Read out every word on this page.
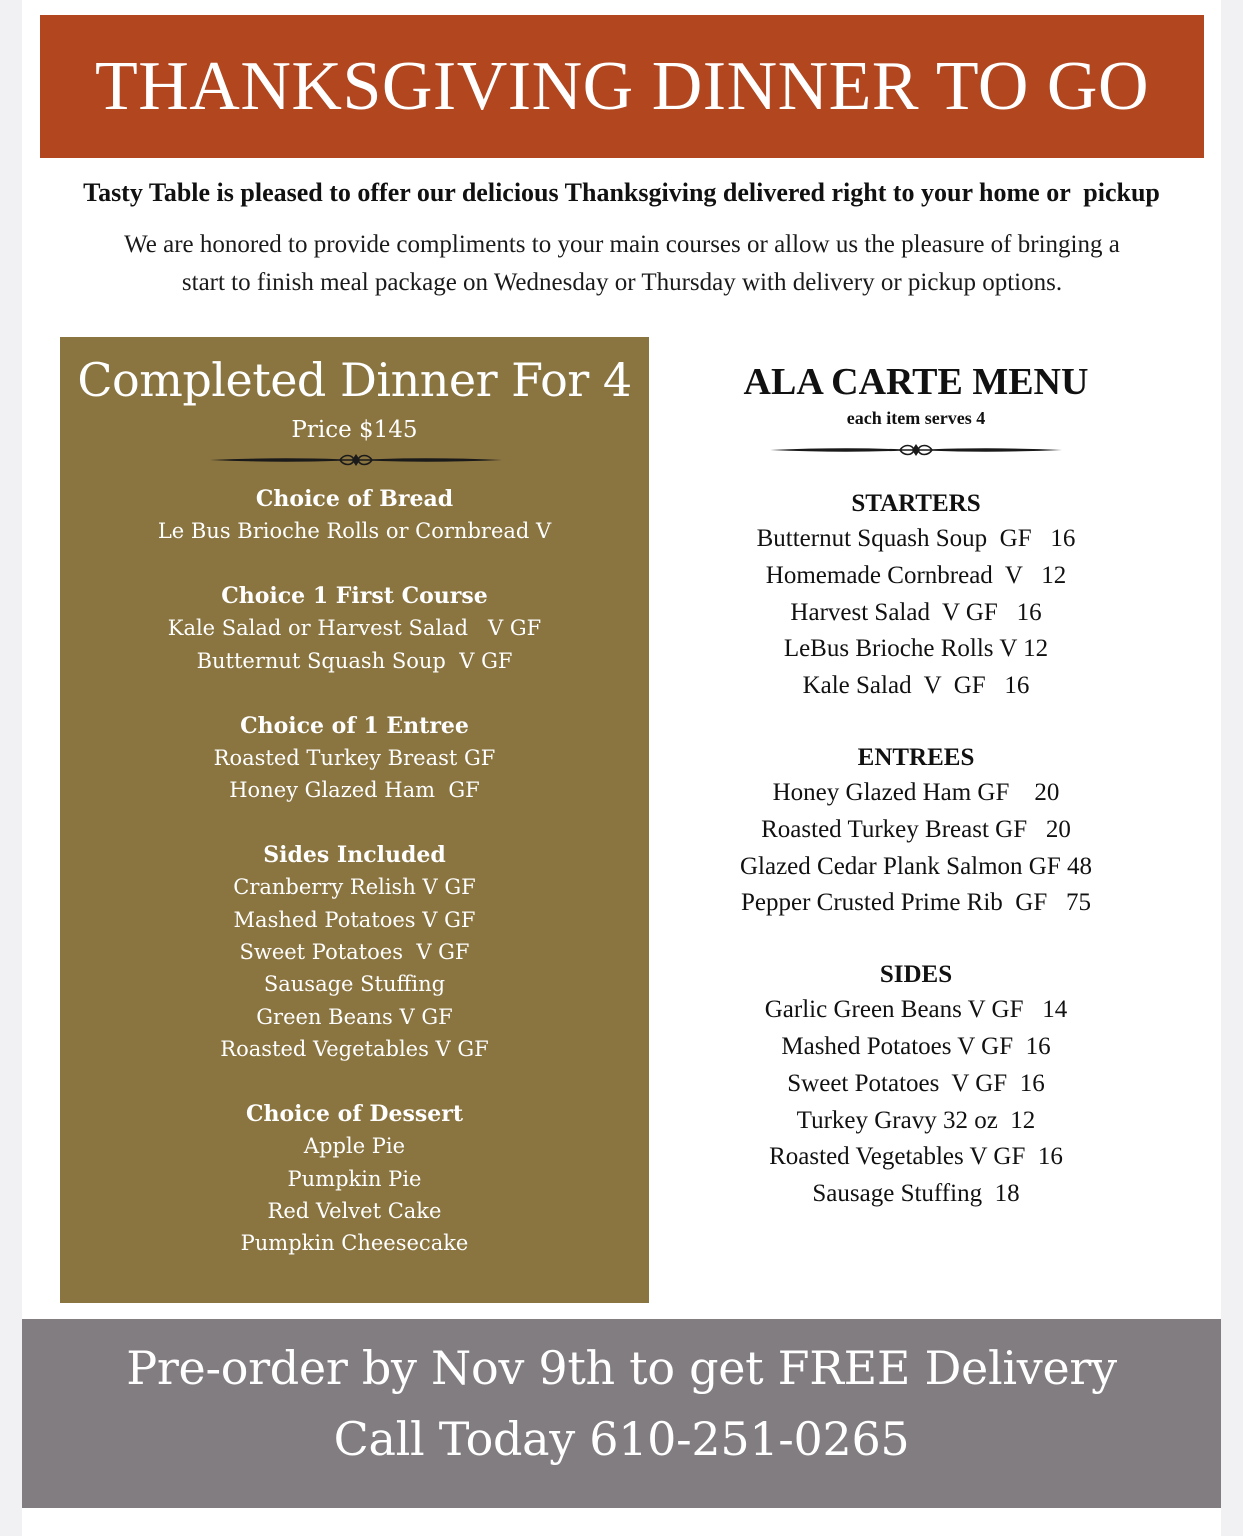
THANKSGIVING DINNER TO GO
Tasty Table is pleased to offer our delicious Thanksgiving delivered right to your home or  pickup
We are honored to provide compliments to your main courses or allow us the pleasure of bringing a
start to finish meal package on Wednesday or Thursday with delivery or pickup options.
Completed Dinner For 4
Price $145
Choice of Bread
Le Bus Brioche Rolls or Cornbread V
Choice 1 First Course
Kale Salad or Harvest Salad   V GF
Butternut Squash Soup  V GF
Choice of 1 Entree
Roasted Turkey Breast GF
Honey Glazed Ham  GF
Sides Included
Cranberry Relish V GF
Mashed Potatoes V GF
Sweet Potatoes  V GF
Sausage Stuffing
Green Beans V GF
Roasted Vegetables V GF
Choice of Dessert
Apple Pie
Pumpkin Pie
Red Velvet Cake
Pumpkin Cheesecake
ALA CARTE MENU
each item serves 4
STARTERS
Butternut Squash Soup  GF   16
Homemade Cornbread  V   12
Harvest Salad  V GF   16
LeBus Brioche Rolls V 12
Kale Salad  V  GF   16
ENTREES
Honey Glazed Ham GF    20
Roasted Turkey Breast GF   20
Glazed Cedar Plank Salmon GF 48
Pepper Crusted Prime Rib  GF   75
SIDES
Garlic Green Beans V GF   14
Mashed Potatoes V GF  16
Sweet Potatoes  V GF  16
Turkey Gravy 32 oz  12
Roasted Vegetables V GF  16
Sausage Stuffing  18
Pre-order by Nov 9th to get FREE Delivery
Call Today 610-251-0265
